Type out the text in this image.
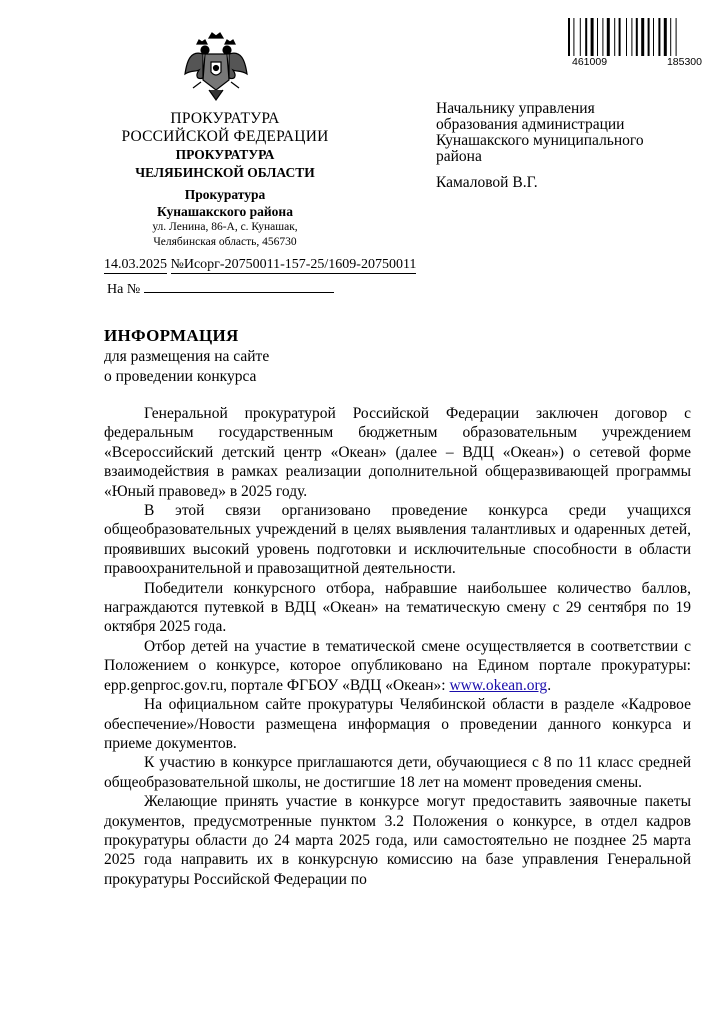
461009	185300
ПРОКУРАТУРА
РОССИЙСКОЙ ФЕДЕРАЦИИ
ПРОКУРАТУРА
ЧЕЛЯБИНСКОЙ ОБЛАСТИ
Прокуратура
Кунашакского района
ул. Ленина, 86-А, с. Кунашак,
Челябинская область, 456730
14.03.2025 №Исорг-20750011-157-25/1609-20750011
На №
Начальнику управления
образования администрации
Кунашакского муниципального
района
Камаловой В.Г.
ИНФОРМАЦИЯ
для размещения на сайте
о проведении конкурса

Генеральной прокуратурой Российской Федерации заключен договор с федеральным государственным бюджетным образовательным учреждением «Всероссийский детский центр «Океан» (далее – ВДЦ «Океан») о сетевой форме взаимодействия в рамках реализации дополнительной общеразвивающей программы «Юный правовед» в 2025 году.

В этой связи организовано проведение конкурса среди учащихся общеобразовательных учреждений в целях выявления талантливых и одаренных детей, проявивших высокий уровень подготовки и исключительные способности в области правоохранительной и правозащитной деятельности.

Победители конкурсного отбора, набравшие наибольшее количество баллов, награждаются путевкой в ВДЦ «Океан» на тематическую смену с 29 сентября по 19 октября 2025 года.

Отбор детей на участие в тематической смене осуществляется в соответствии с Положением о конкурсе, которое опубликовано на Едином портале прокуратуры: epp.genproc.gov.ru, портале ФГБОУ «ВДЦ «Океан»: www.okean.org.

На официальном сайте прокуратуры Челябинской области в разделе «Кадровое обеспечение»/Новости размещена информация о проведении данного конкурса и приеме документов.

К участию в конкурсе приглашаются дети, обучающиеся с 8 по 11 класс средней общеобразовательной школы, не достигшие 18 лет на момент проведения смены.

Желающие принять участие в конкурсе могут предоставить заявочные пакеты документов, предусмотренные пунктом 3.2 Положения о конкурсе, в отдел кадров прокуратуры области до 24 марта 2025 года, или самостоятельно не позднее 25 марта 2025 года направить их в конкурсную комиссию на базе управления Генеральной прокуратуры Российской Федерации по
